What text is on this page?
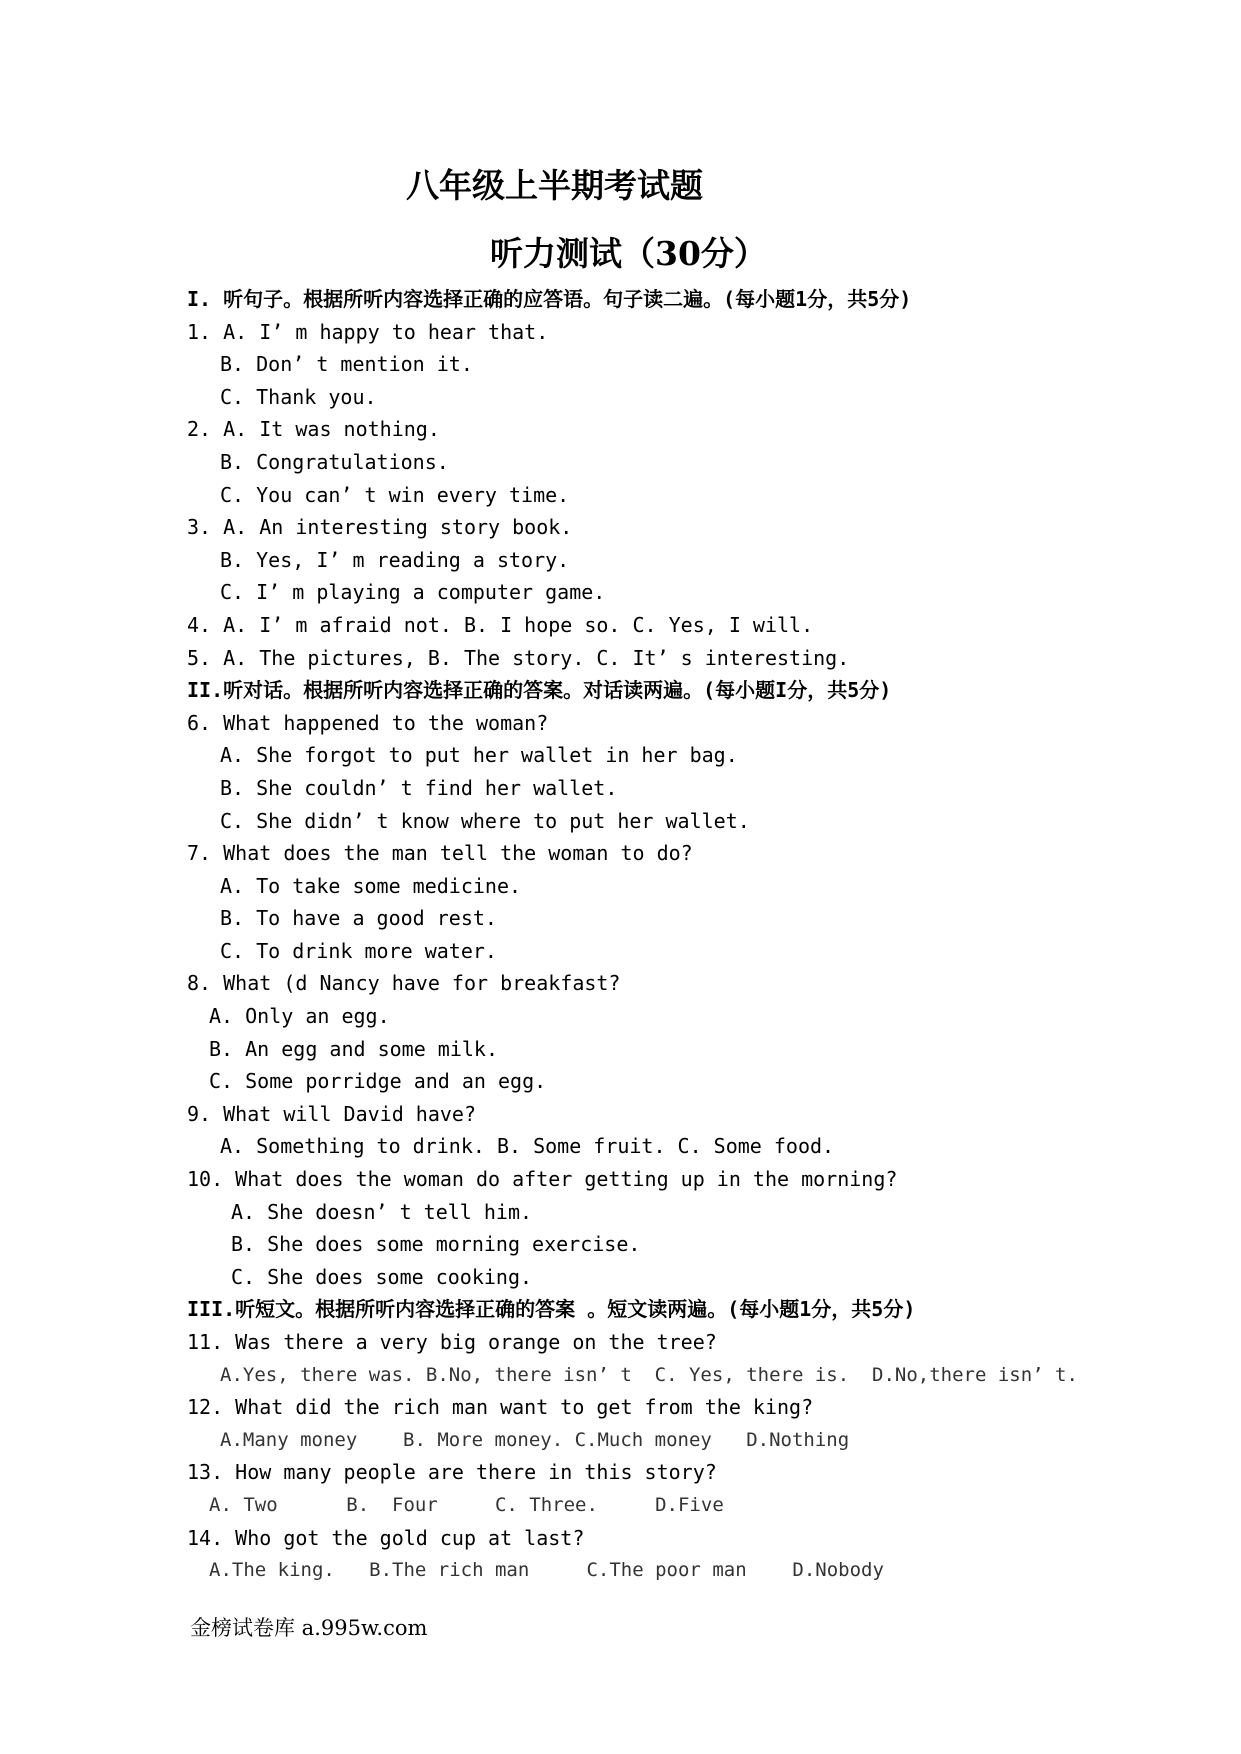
八年级上半期考试题
听力测试（30分）
I. 听句子。根据所听内容选择正确的应答语。句子读二遍。(每小题1分，共5分)
1. A. I’ m happy to hear that.
B. Don’ t mention it.
C. Thank you.
2. A. It was nothing.
B. Congratulations.
C. You can’ t win every time.
3. A. An interesting story book.
B. Yes, I’ m reading a story.
C. I’ m playing a computer game.
4. A. I’ m afraid not. B. I hope so. C. Yes, I will.
5. A. The pictures, B. The story. C. It’ s interesting.
II.听对话。根据所听内容选择正确的答案。对话读两遍。(每小题I分，共5分)
6. What happened to the woman?
A. She forgot to put her wallet in her bag.
B. She couldn’ t find her wallet.
C. She didn’ t know where to put her wallet.
7. What does the man tell the woman to do?
A. To take some medicine.
B. To have a good rest.
C. To drink more water.
8. What (d Nancy have for breakfast?
A. Only an egg.
B. An egg and some milk.
C. Some porridge and an egg.
9. What will David have?
A. Something to drink. B. Some fruit. C. Some food.
10. What does the woman do after getting up in the morning?
A. She doesn’ t tell him.
B. She does some morning exercise.
C. She does some cooking.
III.听短文。根据所听内容选择正确的答案 。短文读两遍。(每小题1分，共5分)
11. Was there a very big orange on the tree?
A.Yes, there was. B.No, there isn’ t  C. Yes, there is.  D.No,there isn’ t.
12. What did the rich man want to get from the king?
A.Many money    B. More money. C.Much money   D.Nothing
13. How many people are there in this story?
A. Two      B.  Four     C. Three.     D.Five
14. Who got the gold cup at last?
A.The king.   B.The rich man     C.The poor man    D.Nobody
金榜试卷库 a.995w.com
